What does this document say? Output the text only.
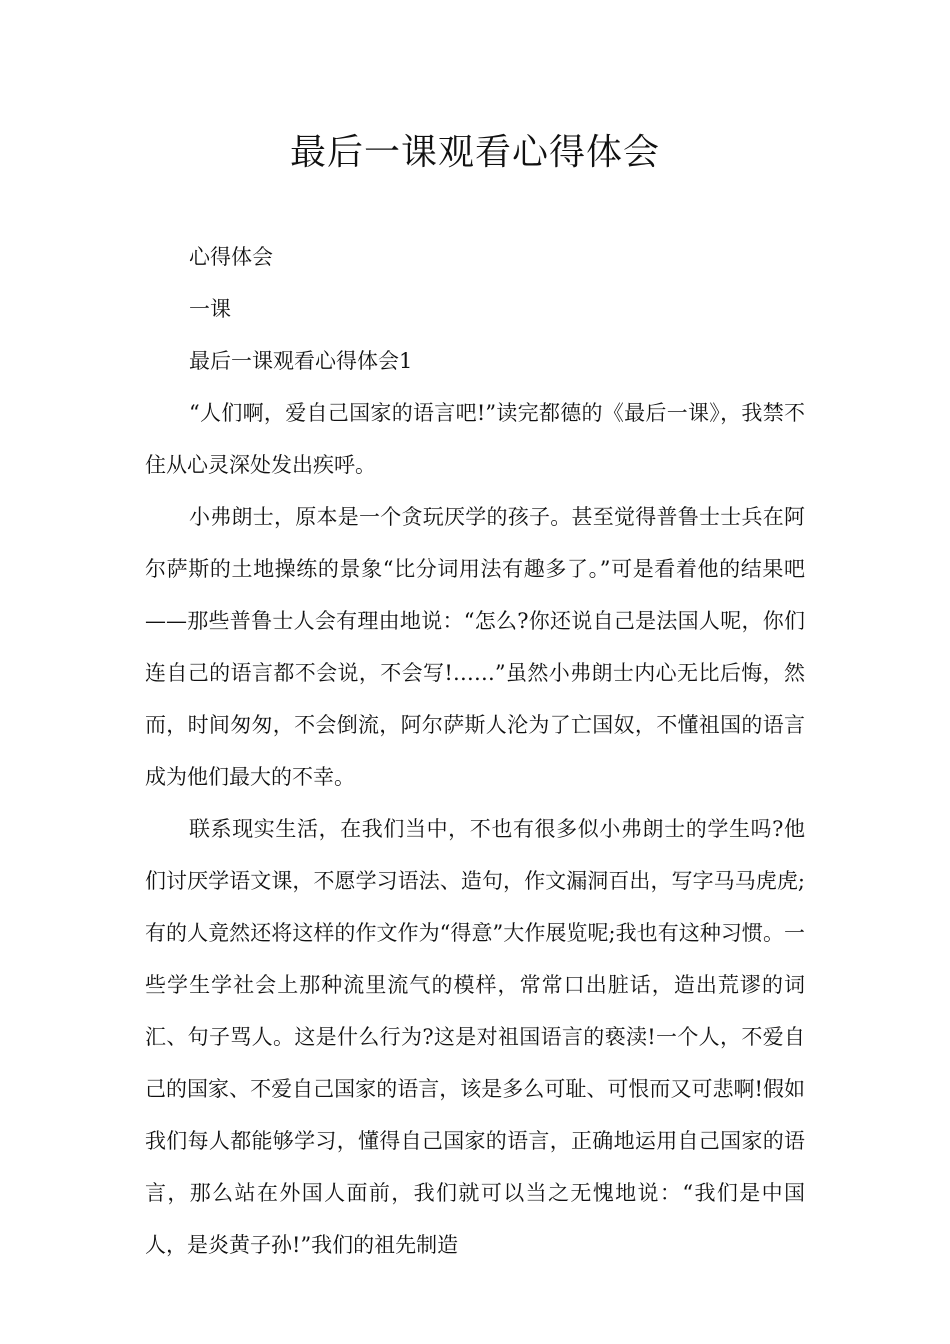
最后一课观看心得体会

心得体会

一课

最后一课观看心得体会1

“人们啊，爱自己国家的语言吧!”读完都德的《最后一课》，我禁不住从心灵深处发出疾呼。

小弗朗士，原本是一个贪玩厌学的孩子。甚至觉得普鲁士士兵在阿尔萨斯的土地操练的景象“比分词用法有趣多了。”可是看着他的结果吧——那些普鲁士人会有理由地说：“怎么?你还说自己是法国人呢，你们连自己的语言都不会说，不会写!……”虽然小弗朗士内心无比后悔，然而，时间匆匆，不会倒流，阿尔萨斯人沦为了亡国奴，不懂祖国的语言成为他们最大的不幸。

联系现实生活，在我们当中，不也有很多似小弗朗士的学生吗?他们讨厌学语文课，不愿学习语法、造句，作文漏洞百出，写字马马虎虎;有的人竟然还将这样的作文作为“得意”大作展览呢;我也有这种习惯。一些学生学社会上那种流里流气的模样，常常口出脏话，造出荒谬的词汇、句子骂人。这是什么行为?这是对祖国语言的亵渎!一个人，不爱自己的国家、不爱自己国家的语言，该是多么可耻、可恨而又可悲啊!假如我们每人都能够学习，懂得自己国家的语言，正确地运用自己国家的语言，那么站在外国人面前，我们就可以当之无愧地说：“我们是中国人，是炎黄子孙!”我们的祖先制造
